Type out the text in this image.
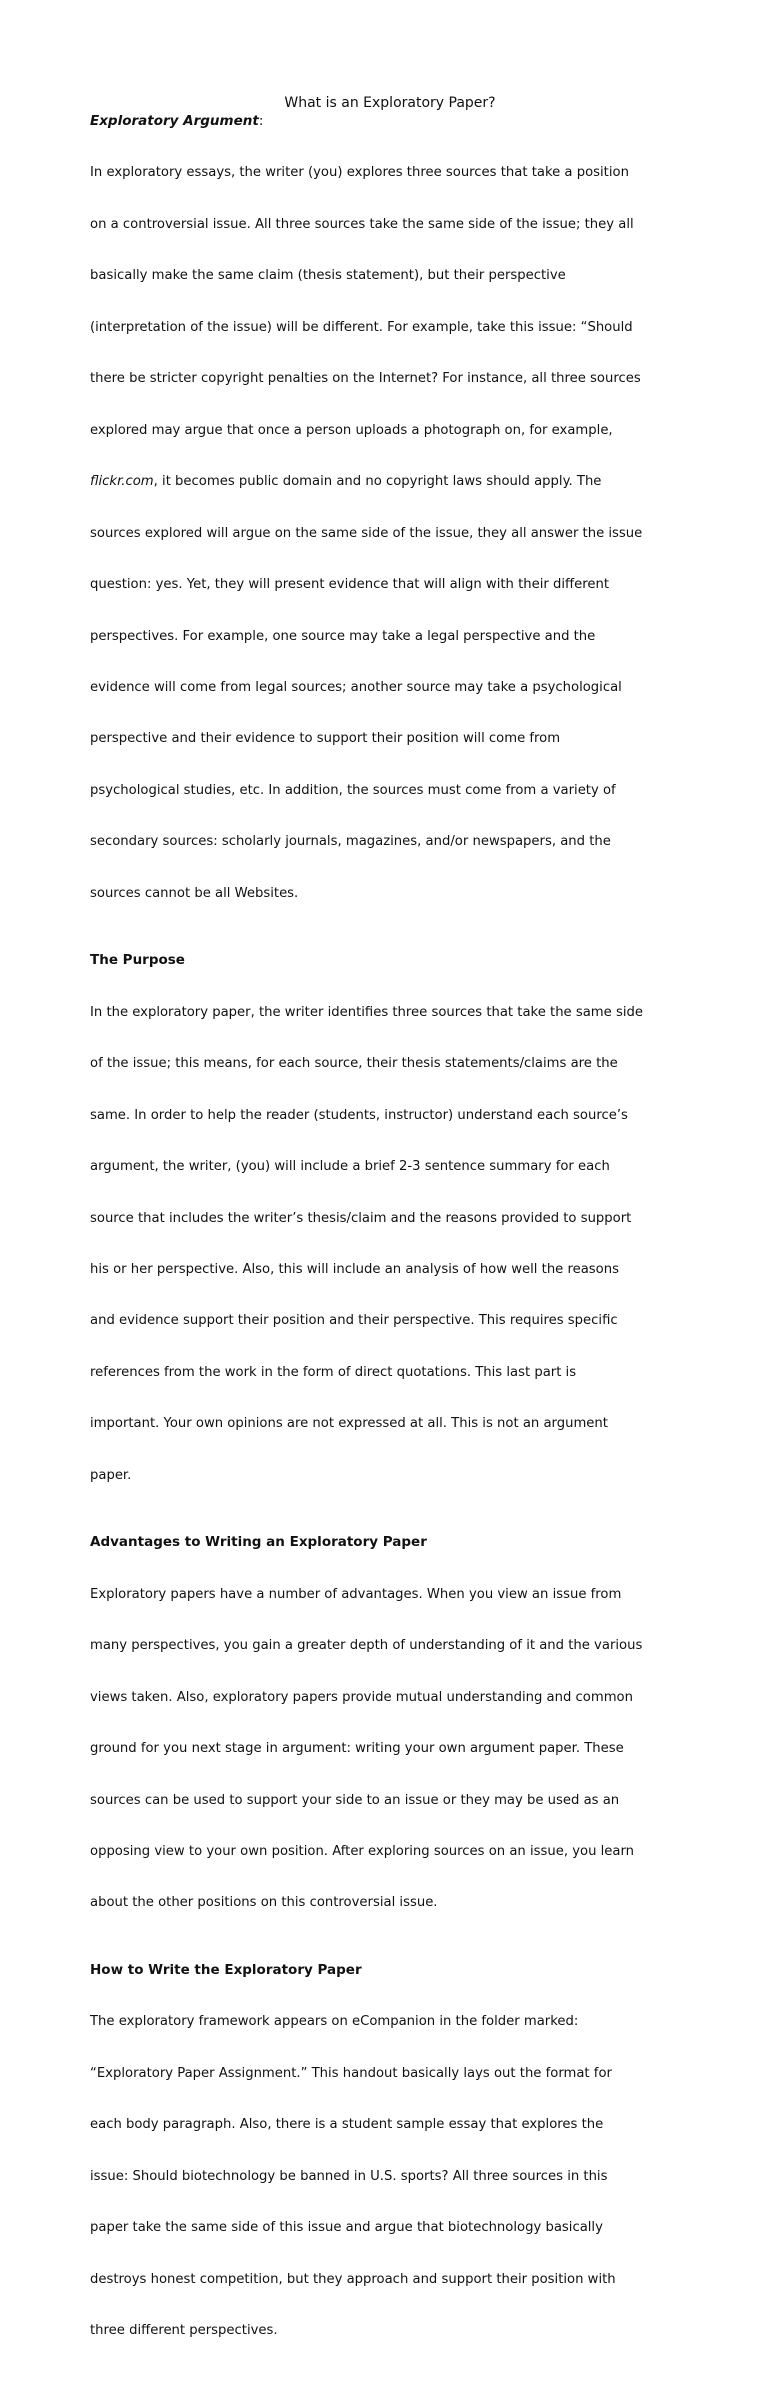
What is an Exploratory Paper?
Exploratory Argument:

In exploratory essays, the writer (you) explores three sources that take a position

on a controversial issue. All three sources take the same side of the issue; they all

basically make the same claim (thesis statement), but their perspective

(interpretation of the issue) will be different. For example, take this issue: “Should

there be stricter copyright penalties on the Internet? For instance, all three sources

explored may argue that once a person uploads a photograph on, for example,

flickr.com, it becomes public domain and no copyright laws should apply. The

sources explored will argue on the same side of the issue, they all answer the issue

question: yes. Yet, they will present evidence that will align with their different

perspectives. For example, one source may take a legal perspective and the

evidence will come from legal sources; another source may take a psychological

perspective and their evidence to support their position will come from

psychological studies, etc. In addition, the sources must come from a variety of

secondary sources: scholarly journals, magazines, and/or newspapers, and the

sources cannot be all Websites.

The Purpose

In the exploratory paper, the writer identifies three sources that take the same side

of the issue; this means, for each source, their thesis statements/claims are the

same. In order to help the reader (students, instructor) understand each source’s

argument, the writer, (you) will include a brief 2-3 sentence summary for each

source that includes the writer’s thesis/claim and the reasons provided to support

his or her perspective. Also, this will include an analysis of how well the reasons

and evidence support their position and their perspective. This requires specific

references from the work in the form of direct quotations. This last part is

important. Your own opinions are not expressed at all. This is not an argument

paper.

Advantages to Writing an Exploratory Paper

Exploratory papers have a number of advantages. When you view an issue from

many perspectives, you gain a greater depth of understanding of it and the various

views taken. Also, exploratory papers provide mutual understanding and common

ground for you next stage in argument: writing your own argument paper. These

sources can be used to support your side to an issue or they may be used as an

opposing view to your own position. After exploring sources on an issue, you learn

about the other positions on this controversial issue.

How to Write the Exploratory Paper

The exploratory framework appears on eCompanion in the folder marked:

“Exploratory Paper Assignment.” This handout basically lays out the format for

each body paragraph. Also, there is a student sample essay that explores the

issue: Should biotechnology be banned in U.S. sports? All three sources in this

paper take the same side of this issue and argue that biotechnology basically

destroys honest competition, but they approach and support their position with

three different perspectives.
